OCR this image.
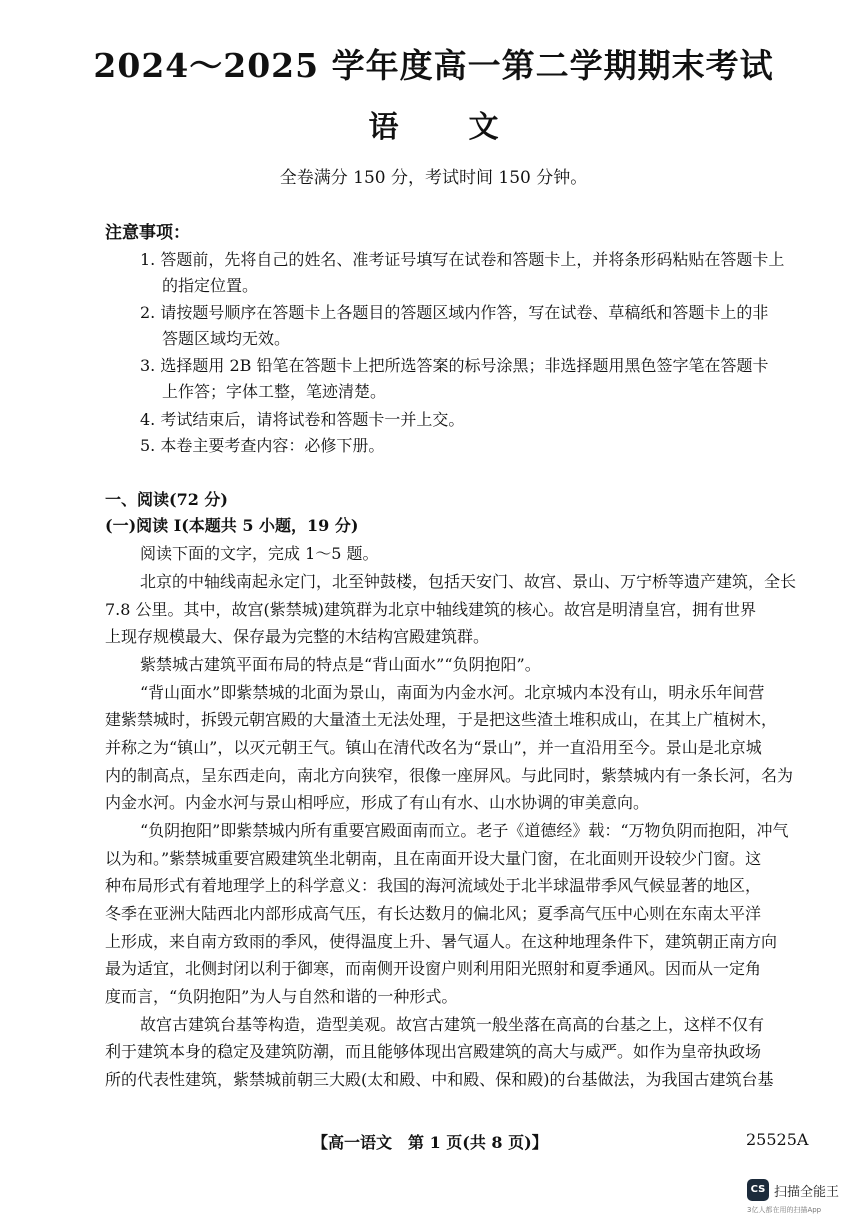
2024～2025 学年度高一第二学期期末考试
语文
全卷满分 150 分，考试时间 150 分钟。
注意事项：
1. 答题前，先将自己的姓名、准考证号填写在试卷和答题卡上，并将条形码粘贴在答题卡上
的指定位置。
2. 请按题号顺序在答题卡上各题目的答题区域内作答，写在试卷、草稿纸和答题卡上的非
答题区域均无效。
3. 选择题用 2B 铅笔在答题卡上把所选答案的标号涂黑；非选择题用黑色签字笔在答题卡
上作答；字体工整，笔迹清楚。
4. 考试结束后，请将试卷和答题卡一并上交。
5. 本卷主要考查内容：必修下册。
一、阅读(72 分)
(一)阅读 Ⅰ(本题共 5 小题，19 分)
阅读下面的文字，完成 1～5 题。
北京的中轴线南起永定门，北至钟鼓楼，包括天安门、故宫、景山、万宁桥等遗产建筑，全长
7.8 公里。其中，故宫(紫禁城)建筑群为北京中轴线建筑的核心。故宫是明清皇宫，拥有世界
上现存规模最大、保存最为完整的木结构宫殿建筑群。
紫禁城古建筑平面布局的特点是“背山面水”“负阴抱阳”。
“背山面水”即紫禁城的北面为景山，南面为内金水河。北京城内本没有山，明永乐年间营
建紫禁城时，拆毁元朝宫殿的大量渣土无法处理，于是把这些渣土堆积成山，在其上广植树木，
并称之为“镇山”，以灭元朝王气。镇山在清代改名为“景山”，并一直沿用至今。景山是北京城
内的制高点，呈东西走向，南北方向狭窄，很像一座屏风。与此同时，紫禁城内有一条长河，名为
内金水河。内金水河与景山相呼应，形成了有山有水、山水协调的审美意向。
“负阴抱阳”即紫禁城内所有重要宫殿面南而立。老子《道德经》载：“万物负阴而抱阳，冲气
以为和。”紫禁城重要宫殿建筑坐北朝南，且在南面开设大量门窗，在北面则开设较少门窗。这
种布局形式有着地理学上的科学意义：我国的海河流域处于北半球温带季风气候显著的地区，
冬季在亚洲大陆西北内部形成高气压，有长达数月的偏北风；夏季高气压中心则在东南太平洋
上形成，来自南方致雨的季风，使得温度上升、暑气逼人。在这种地理条件下，建筑朝正南方向
最为适宜，北侧封闭以利于御寒，而南侧开设窗户则利用阳光照射和夏季通风。因而从一定角
度而言，“负阴抱阳”为人与自然和谐的一种形式。
故宫古建筑台基等构造，造型美观。故宫古建筑一般坐落在高高的台基之上，这样不仅有
利于建筑本身的稳定及建筑防潮，而且能够体现出宫殿建筑的高大与威严。如作为皇帝执政场
所的代表性建筑，紫禁城前朝三大殿(太和殿、中和殿、保和殿)的台基做法，为我国古建筑台基
【高一语文　第 1 页(共 8 页)】	25525A
CS 扫描全能王
3亿人都在用的扫描App
